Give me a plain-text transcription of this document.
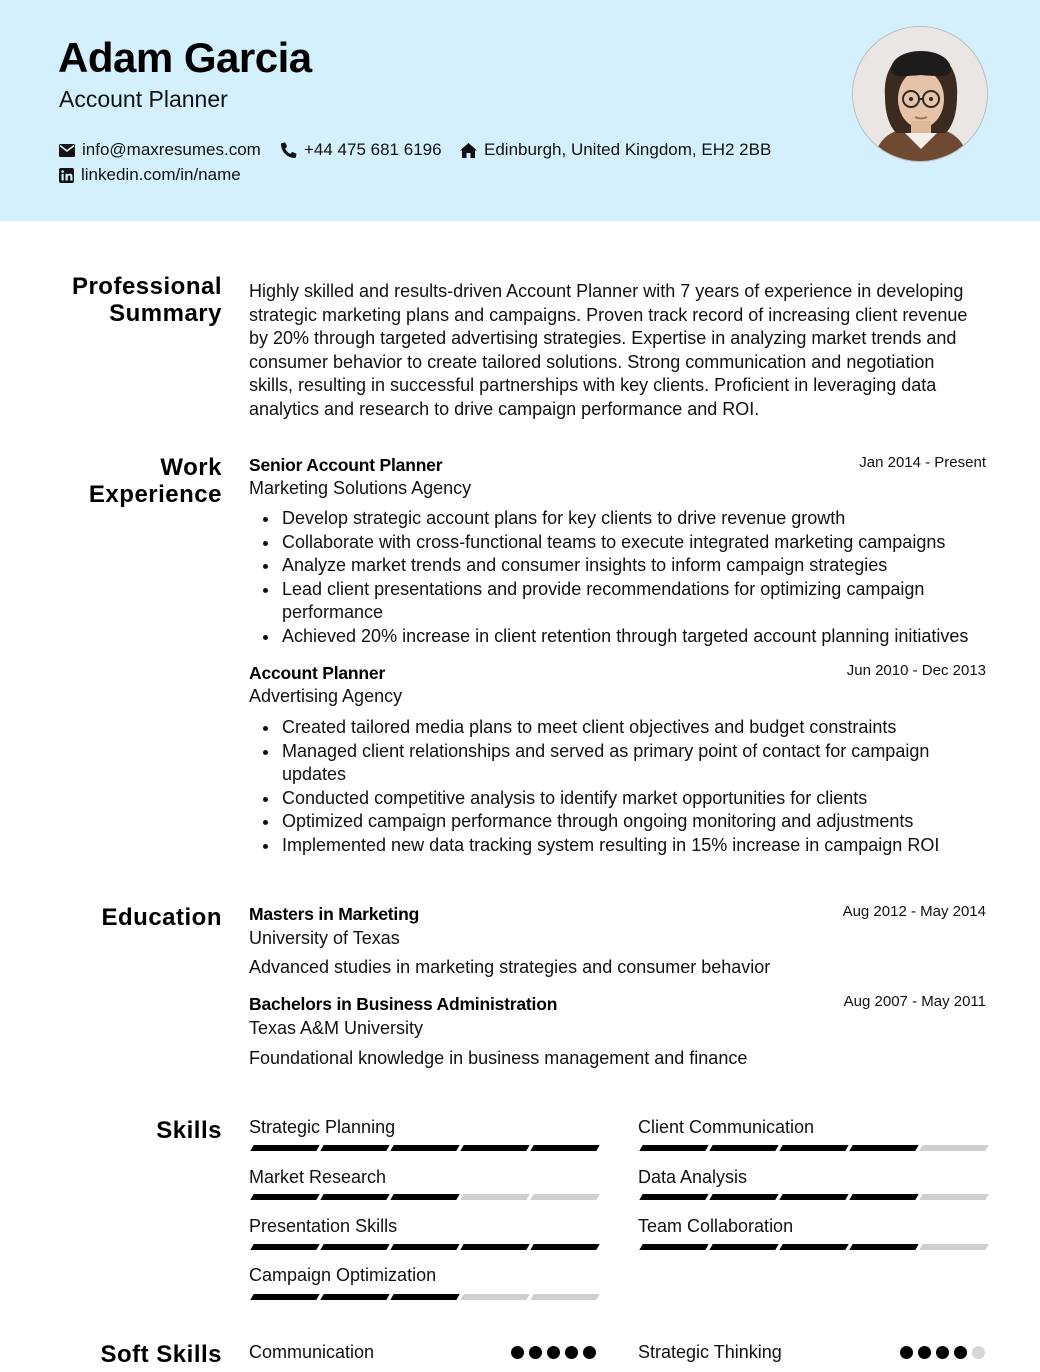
Adam Garcia
Account Planner
info@maxresumes.com	+44 475 681 6196 Edinburgh, United Kingdom, EH2 2BB
linkedin.com/in/name
Professional
Summary
Highly skilled and results-driven Account Planner with 7 years of experience in developing strategic marketing plans and campaigns. Proven track record of increasing client revenue by 20% through targeted advertising strategies. Expertise in analyzing market trends and consumer behavior to create tailored solutions. Strong communication and negotiation skills, resulting in successful partnerships with key clients. Proficient in leveraging data analytics and research to drive campaign performance and ROI.
Work
Experience
Senior Account Planner	Jan 2014 - Present
Marketing Solutions Agency
Develop strategic account plans for key clients to drive revenue growth
Collaborate with cross-functional teams to execute integrated marketing campaigns
Analyze market trends and consumer insights to inform campaign strategies
Lead client presentations and provide recommendations for optimizing campaign performance
Achieved 20% increase in client retention through targeted account planning initiatives
Account Planner	Jun 2010 - Dec 2013
Advertising Agency
Created tailored media plans to meet client objectives and budget constraints
Managed client relationships and served as primary point of contact for campaign updates
Conducted competitive analysis to identify market opportunities for clients
Optimized campaign performance through ongoing monitoring and adjustments
Implemented new data tracking system resulting in 15% increase in campaign ROI
Education Masters in Marketing	Aug 2012 - May 2014
University of Texas
Advanced studies in marketing strategies and consumer behavior
Bachelors in Business Administration	Aug 2007 - May 2011
Texas A&M University
Foundational knowledge in business management and finance
Skills Strategic Planning	Client Communication
Market Research	Data Analysis
Presentation Skills	Team Collaboration
Campaign Optimization
Soft Skills Communication	Strategic Thinking
